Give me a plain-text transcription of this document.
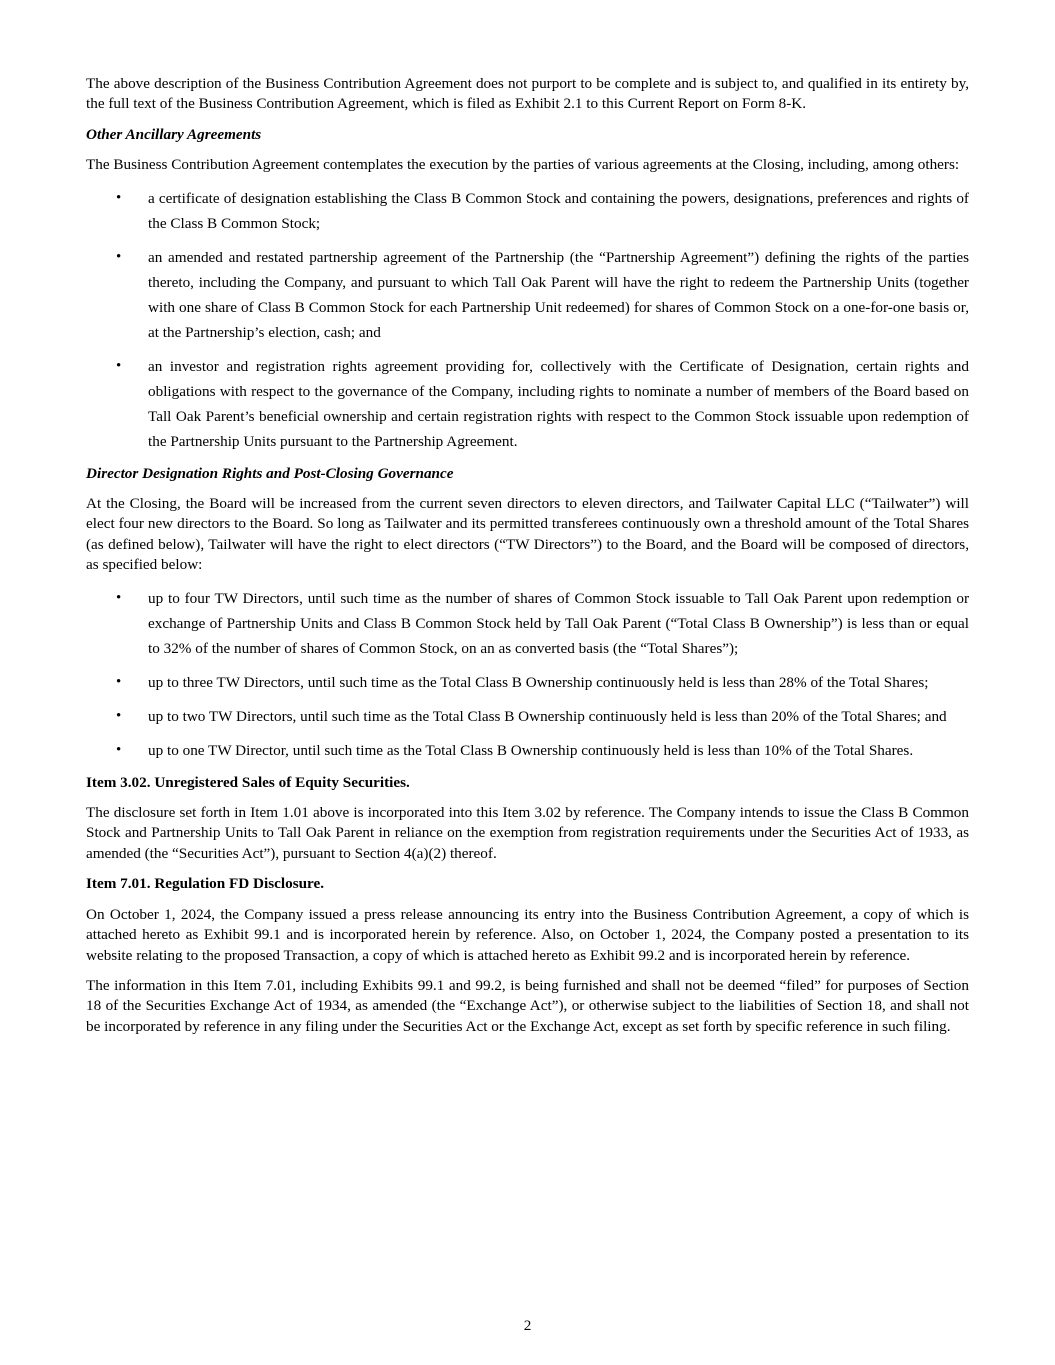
The above description of the Business Contribution Agreement does not purport to be complete and is subject to, and qualified in its entirety by, the full text of the Business Contribution Agreement, which is filed as Exhibit 2.1 to this Current Report on Form 8-K.

Other Ancillary Agreements

The Business Contribution Agreement contemplates the execution by the parties of various agreements at the Closing, including, among others:

• a certificate of designation establishing the Class B Common Stock and containing the powers, designations, preferences and rights of the Class B Common Stock;
• an amended and restated partnership agreement of the Partnership (the “Partnership Agreement”) defining the rights of the parties thereto, including the Company, and pursuant to which Tall Oak Parent will have the right to redeem the Partnership Units (together with one share of Class B Common Stock for each Partnership Unit redeemed) for shares of Common Stock on a one-for-one basis or, at the Partnership’s election, cash; and
• an investor and registration rights agreement providing for, collectively with the Certificate of Designation, certain rights and obligations with respect to the governance of the Company, including rights to nominate a number of members of the Board based on Tall Oak Parent’s beneficial ownership and certain registration rights with respect to the Common Stock issuable upon redemption of the Partnership Units pursuant to the Partnership Agreement.

Director Designation Rights and Post-Closing Governance

At the Closing, the Board will be increased from the current seven directors to eleven directors, and Tailwater Capital LLC (“Tailwater”) will elect four new directors to the Board. So long as Tailwater and its permitted transferees continuously own a threshold amount of the Total Shares (as defined below), Tailwater will have the right to elect directors (“TW Directors”) to the Board, and the Board will be composed of directors, as specified below:

• up to four TW Directors, until such time as the number of shares of Common Stock issuable to Tall Oak Parent upon redemption or exchange of Partnership Units and Class B Common Stock held by Tall Oak Parent (“Total Class B Ownership”) is less than or equal to 32% of the number of shares of Common Stock, on an as converted basis (the “Total Shares”);
• up to three TW Directors, until such time as the Total Class B Ownership continuously held is less than 28% of the Total Shares;
• up to two TW Directors, until such time as the Total Class B Ownership continuously held is less than 20% of the Total Shares; and
• up to one TW Director, until such time as the Total Class B Ownership continuously held is less than 10% of the Total Shares.

Item 3.02. Unregistered Sales of Equity Securities.

The disclosure set forth in Item 1.01 above is incorporated into this Item 3.02 by reference. The Company intends to issue the Class B Common Stock and Partnership Units to Tall Oak Parent in reliance on the exemption from registration requirements under the Securities Act of 1933, as amended (the “Securities Act”), pursuant to Section 4(a)(2) thereof.

Item 7.01. Regulation FD Disclosure.

On October 1, 2024, the Company issued a press release announcing its entry into the Business Contribution Agreement, a copy of which is attached hereto as Exhibit 99.1 and is incorporated herein by reference. Also, on October 1, 2024, the Company posted a presentation to its website relating to the proposed Transaction, a copy of which is attached hereto as Exhibit 99.2 and is incorporated herein by reference.

The information in this Item 7.01, including Exhibits 99.1 and 99.2, is being furnished and shall not be deemed “filed” for purposes of Section 18 of the Securities Exchange Act of 1934, as amended (the “Exchange Act”), or otherwise subject to the liabilities of Section 18, and shall not be incorporated by reference in any filing under the Securities Act or the Exchange Act, except as set forth by specific reference in such filing.

2
